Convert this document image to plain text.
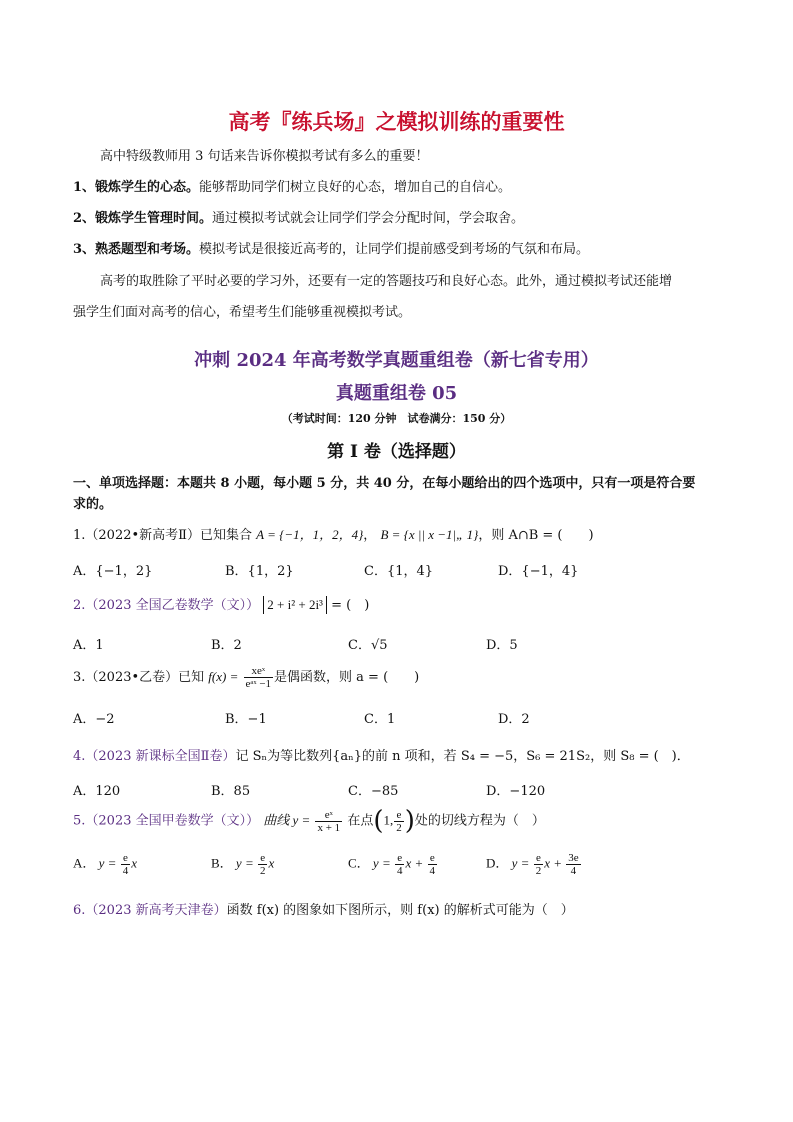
高考『练兵场』之模拟训练的重要性
高中特级教师用 3 句话来告诉你模拟考试有多么的重要！
1、锻炼学生的心态。能够帮助同学们树立良好的心态，增加自己的自信心。
2、锻炼学生管理时间。通过模拟考试就会让同学们学会分配时间，学会取舍。
3、熟悉题型和考场。模拟考试是很接近高考的，让同学们提前感受到考场的气氛和布局。
高考的取胜除了平时必要的学习外，还要有一定的答题技巧和良好心态。此外，通过模拟考试还能增
强学生们面对高考的信心，希望考生们能够重视模拟考试。
冲刺 2024 年高考数学真题重组卷（新七省专用）
真题重组卷 05
（考试时间：120 分钟　试卷满分：150 分）
第 I 卷（选择题）
一、单项选择题：本题共 8 小题，每小题 5 分，共 40 分，在每小题给出的四个选项中，只有一项是符合要
求的。
1.（2022•新高考Ⅱ）已知集合 A = {−1，1，2，4}， B = {x || x −1|„ 1}，则 A∩B = (　　)
A．{−1，2}	B．{1，2}	C．{1，4}	D．{−1，4}
2.（2023 全国乙卷数学（文）） 2 + i² + 2i³ = (　)
A．1	B．2	C．√5	D．5
3.（2023•乙卷）已知 $f(x) = \frac{\text{xeˣ}}{\text{eᵃˣ −1}}$ 是偶函数，则 a = (　　)
A．−2	B．−1	C．1	D．2
4.（2023 新课标全国Ⅱ卷）记 Sₙ为等比数列{aₙ}的前 n 项和，若 S₄ = −5，S₆ = 21S₂，则 S₈ = (　)．
A．120	B．85	C．−85	D．−120
5.（2023 全国甲卷数学（文）） 曲线 $y = \frac{\text{eˣ}}{x + 1}$ 在点(1, $\frac{e}{2}$ )处的切线方程为（　）
A． $y = \frac{e}{4}$ x	B． $y = \frac{e}{2}$ x	C． $y = \frac{e}{4}$ $x + \frac{e}{4}$	D． $y = \frac{e}{2}$ $x + \frac{3e}{4}$
6.（2023 新高考天津卷）函数 f(x) 的图象如下图所示，则 f(x) 的解析式可能为（　）
